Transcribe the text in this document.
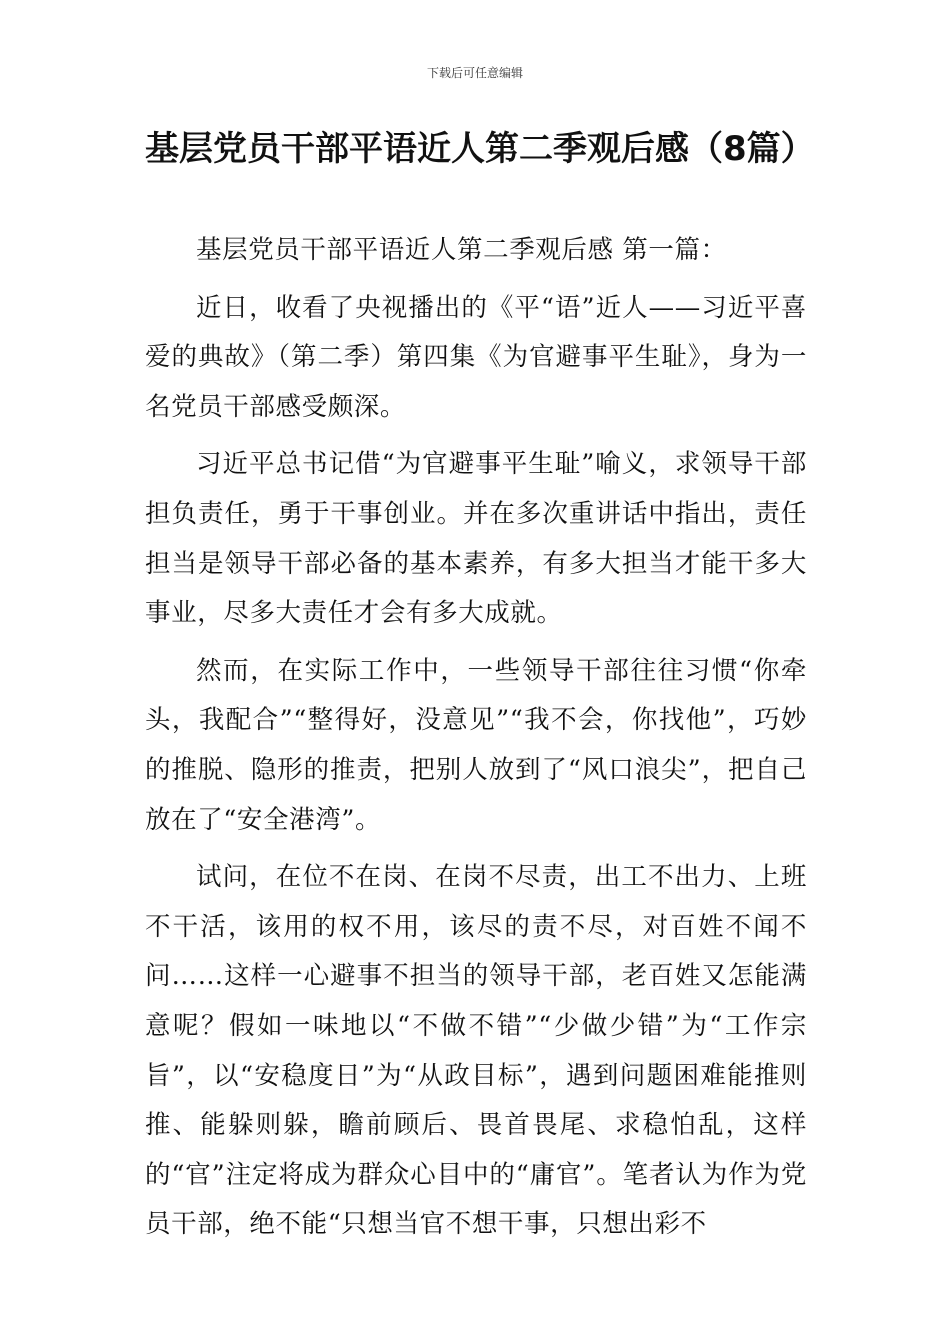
下载后可任意编辑
基层党员干部平语近人第二季观后感（8篇）

基层党员干部平语近人第二季观后感 第一篇：

近日，收看了央视播出的《平“语”近人——习近平喜爱的典故》（第二季）第四集《为官避事平生耻》，身为一名党员干部感受颇深。

习近平总书记借“为官避事平生耻”喻义，求领导干部担负责任，勇于干事创业。并在多次重讲话中指出，责任担当是领导干部必备的基本素养，有多大担当才能干多大事业，尽多大责任才会有多大成就。

然而，在实际工作中，一些领导干部往往习惯“你牵头，我配合”“整得好，没意见”“我不会，你找他”，巧妙的推脱、隐形的推责，把别人放到了“风口浪尖”，把自己放在了“安全港湾”。

试问，在位不在岗、在岗不尽责，出工不出力、上班不干活，该用的权不用，该尽的责不尽，对百姓不闻不问……这样一心避事不担当的领导干部，老百姓又怎能满意呢？假如一味地以“不做不错”“少做少错”为“工作宗旨”，以“安稳度日”为“从政目标”，遇到问题困难能推则推、能躲则躲，瞻前顾后、畏首畏尾、求稳怕乱，这样的“官”注定将成为群众心目中的“庸官”。笔者认为作为党员干部，绝不能“只想当官不想干事，只想出彩不
